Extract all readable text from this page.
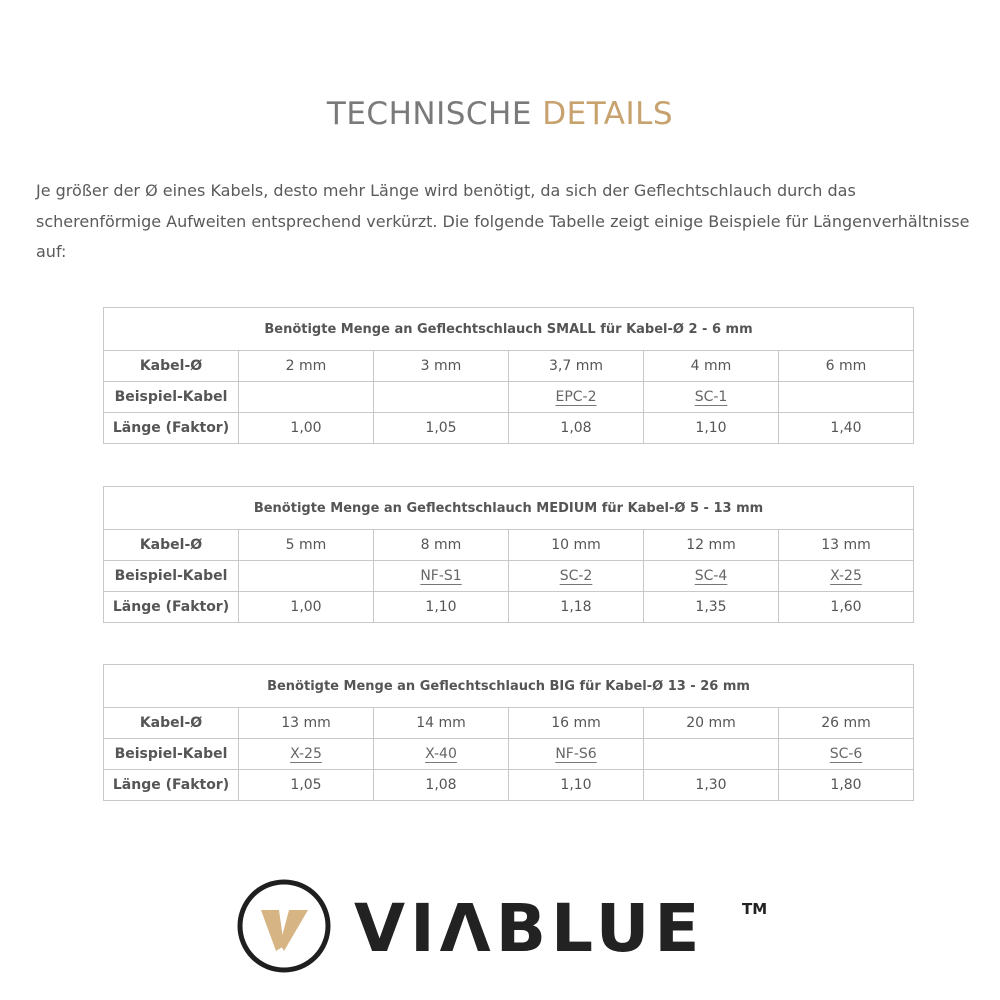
TECHNISCHE DETAILS

Je größer der Ø eines Kabels, desto mehr Länge wird benötigt, da sich der Geflechtschlauch durch das scherenförmige Aufweiten entsprechend verkürzt. Die folgende Tabelle zeigt einige Beispiele für Längenverhältnisse auf:

Benötigte Menge an Geflechtschlauch SMALL für Kabel-Ø 2 - 6 mm					
Kabel-Ø	2 mm	3 mm	3,7 mm	4 mm	6 mm
Beispiel-Kabel			EPC-2	SC-1	
Länge (Faktor)	1,00	1,05	1,08	1,10	1,40
Benötigte Menge an Geflechtschlauch MEDIUM für Kabel-Ø 5 - 13 mm					
Kabel-Ø	5 mm	8 mm	10 mm	12 mm	13 mm
Beispiel-Kabel		NF-S1	SC-2	SC-4	X-25
Länge (Faktor)	1,00	1,10	1,18	1,35	1,60
Benötigte Menge an Geflechtschlauch BIG für Kabel-Ø 13 - 26 mm					
Kabel-Ø	13 mm	14 mm	16 mm	20 mm	26 mm
Beispiel-Kabel	X-25	X-40	NF-S6		SC-6
Länge (Faktor)	1,05	1,08	1,10	1,30	1,80
VIΛBLUE	TM
